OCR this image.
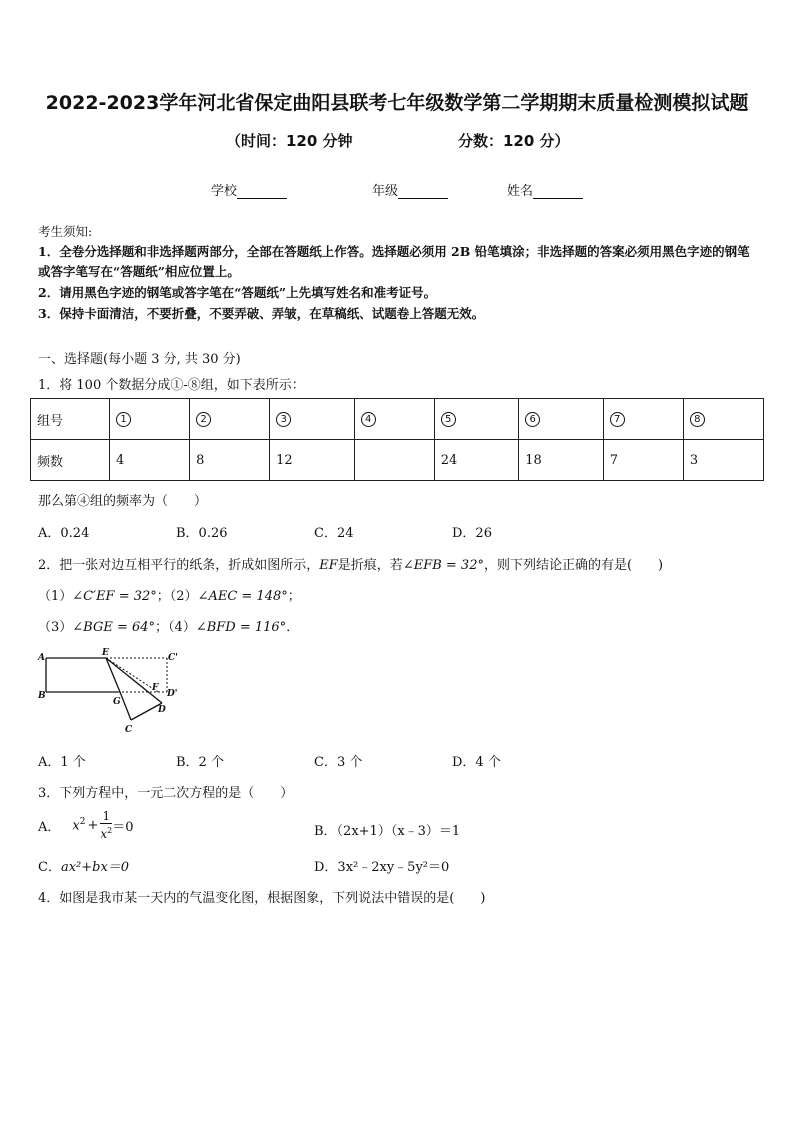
2022-2023学年河北省保定曲阳县联考七年级数学第二学期期末质量检测模拟试题
（时间：120 分钟	分数：120 分）
学校	年级	姓名
考生须知:
1．全卷分选择题和非选择题两部分，全部在答题纸上作答。选择题必须用 2B 铅笔填涂；非选择题的答案必须用黑色字迹的钢笔或答字笔写在“答题纸”相应位置上。
2．请用黑色字迹的钢笔或答字笔在“答题纸”上先填写姓名和准考证号。
3．保持卡面清洁，不要折叠，不要弄破、弄皱，在草稿纸、试题卷上答题无效。
一、选择题(每小题 3 分, 共 30 分)
1．将 100 个数据分成①-⑧组，如下表所示：
组号	1	2	3	4	5	6	7	8
频数	4	8	12		24	18	7	3
那么第④组的频率为（　　）
A．0.24	B．0.26	C．24	D．26
2．把一张对边互相平行的纸条，折成如图所示，EF是折痕，若∠EFB = 32°，则下列结论正确的有是(　　)
（1）∠C′EF = 32°；（2）∠AEC = 148°；
（3）∠BGE = 64°；（4）∠BFD = 116°．
A	E	C'
B
G
F
D'
D
C
A．1 个	B．2 个	C．3 个	D．4 个
3．下列方程中，一元二次方程的是（　　）
A． $x^2 + \frac{1}{x^2} =0$	B．（2x+1）（x﹣3）＝1
C．ax²+bx＝0	D．3x²﹣2xy﹣5y²＝0
4．如图是我市某一天内的气温变化图，根据图象，下列说法中错误的是(　　)
